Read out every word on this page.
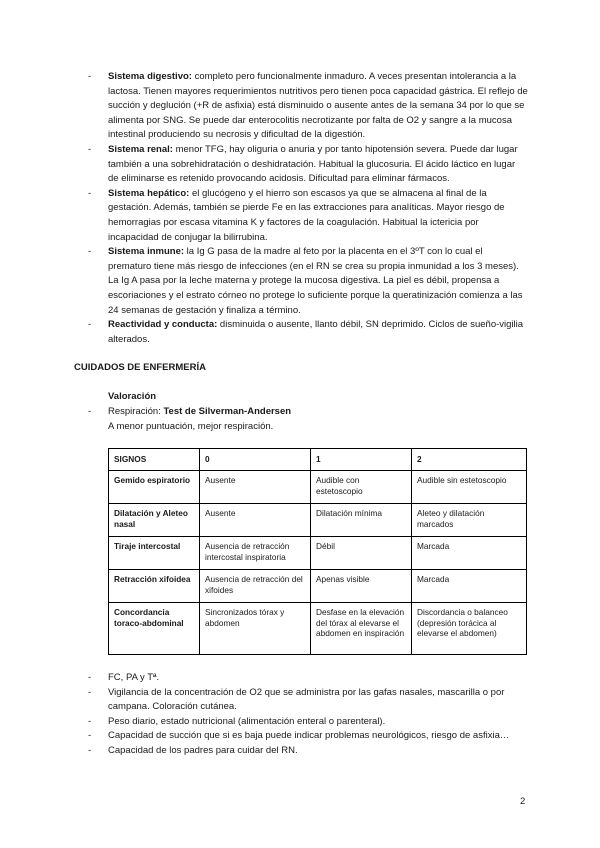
- Sistema digestivo: completo pero funcionalmente inmaduro. A veces presentan intolerancia a la lactosa. Tienen mayores requerimientos nutritivos pero tienen poca capacidad gástrica. El reflejo de succión y deglución (+R de asfixia) está disminuido o ausente antes de la semana 34 por lo que se alimenta por SNG. Se puede dar enterocolitis necrotizante por falta de O2 y sangre a la mucosa intestinal produciendo su necrosis y dificultad de la digestión.
- Sistema renal: menor TFG, hay oliguria o anuria y por tanto hipotensión severa. Puede dar lugar también a una sobrehidratación o deshidratación. Habitual la glucosuria. El ácido láctico en lugar de eliminarse es retenido provocando acidosis. Dificultad para eliminar fármacos.
- Sistema hepático: el glucógeno y el hierro son escasos ya que se almacena al final de la gestación. Además, también se pierde Fe en las extracciones para analíticas. Mayor riesgo de hemorragias por escasa vitamina K y factores de la coagulación. Habitual la ictericia por incapacidad de conjugar la bilirrubina.
- Sistema inmune: la Ig G pasa de la madre al feto por la placenta en el 3ºT con lo cual el prematuro tiene más riesgo de infecciones (en el RN se crea su propia inmunidad a los 3 meses). La Ig A pasa por la leche materna y protege la mucosa digestiva. La piel es débil, propensa a escoriaciones y el estrato córneo no protege lo suficiente porque la queratinización comienza a las 24 semanas de gestación y finaliza a término.
- Reactividad y conducta: disminuida o ausente, llanto débil, SN deprimido. Ciclos de sueño-vigilia alterados.

CUIDADOS DE ENFERMERÍA

Valoración

- Respiración: Test de Silverman-Andersen
A menor puntuación, mejor respiración.
SIGNOS	0	1	2
Gemido espiratorio	Ausente	Audible con estetoscopio	Audible sin estetoscopio
Dilatación y Aleteo nasal	Ausente	Dilatación mínima	Aleteo y dilatación marcados
Tiraje intercostal	Ausencia de retracción intercostal inspiratoria	Débil	Marcada
Retracción xifoidea	Ausencia de retracción del xifoides	Apenas visible	Marcada
Concordancia toraco-abdominal	Sincronizados tórax y abdomen	Desfase en la elevación del tórax al elevarse el abdomen en inspiración	Discordancia o balanceo (depresión torácica al elevarse el abdomen)
- FC, PA y Tª.
- Vigilancia de la concentración de O2 que se administra por las gafas nasales, mascarilla o por campana. Coloración cutánea.
- Peso diario, estado nutricional (alimentación enteral o parenteral).
- Capacidad de succión que si es baja puede indicar problemas neurológicos, riesgo de asfixia…
- Capacidad de los padres para cuidar del RN.
2
